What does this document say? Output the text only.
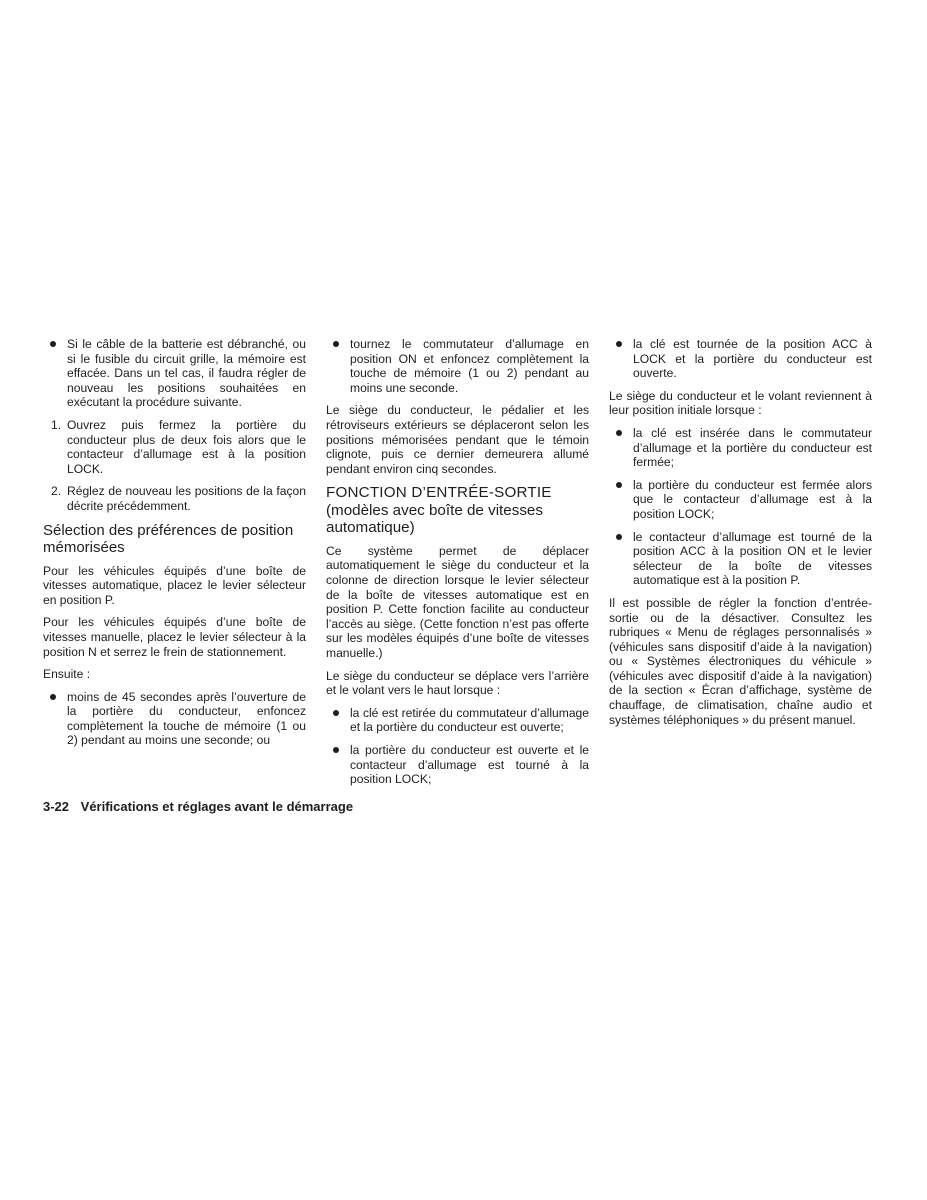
Si le câble de la batterie est débranché, ou si le fusible du circuit grille, la mémoire est effacée. Dans un tel cas, il faudra régler de nouveau les positions souhaitées en exécutant la procédure suivante.
1. Ouvrez puis fermez la portière du conducteur plus de deux fois alors que le contacteur d’allumage est à la position LOCK.
2. Réglez de nouveau les positions de la façon décrite précédemment.
Sélection des préférences de position mémorisées

Pour les véhicules équipés d’une boîte de vitesses automatique, placez le levier sélecteur en position P.

Pour les véhicules équipés d’une boîte de vitesses manuelle, placez le levier sélecteur à la position N et serrez le frein de stationnement.

Ensuite :

moins de 45 secondes après l’ouverture de la portière du conducteur, enfoncez complètement la touche de mémoire (1 ou 2) pendant au moins une seconde; ou
tournez le commutateur d’allumage en position ON et enfoncez complètement la touche de mémoire (1 ou 2) pendant au moins une seconde.

Le siège du conducteur, le pédalier et les rétroviseurs extérieurs se déplaceront selon les positions mémorisées pendant que le témoin clignote, puis ce dernier demeurera allumé pendant environ cinq secondes.

FONCTION D’ENTRÉE-SORTIE
(modèles avec boîte de vitesses automatique)

Ce système permet de déplacer automatiquement le siège du conducteur et la colonne de direction lorsque le levier sélecteur de la boîte de vitesses automatique est en position P. Cette fonction facilite au conducteur l’accès au siège. (Cette fonction n’est pas offerte sur les modèles équipés d’une boîte de vitesses manuelle.)

Le siège du conducteur se déplace vers l’arrière et le volant vers le haut lorsque :

la clé est retirée du commutateur d’allumage et la portière du conducteur est ouverte;
la portière du conducteur est ouverte et le contacteur d’allumage est tourné à la position LOCK;
la clé est tournée de la position ACC à LOCK et la portière du conducteur est ouverte.

Le siège du conducteur et le volant reviennent à leur position initiale lorsque :

la clé est insérée dans le commutateur d’allumage et la portière du conducteur est fermée;
la portière du conducteur est fermée alors que le contacteur d’allumage est à la position LOCK;
le contacteur d’allumage est tourné de la position ACC à la position ON et le levier sélecteur de la boîte de vitesses automatique est à la position P.

Il est possible de régler la fonction d’entrée-sortie ou de la désactiver. Consultez les rubriques « Menu de réglages personnalisés » (véhicules sans dispositif d’aide à la navigation) ou « Systèmes électroniques du véhicule » (véhicules avec dispositif d’aide à la navigation) de la section « Écran d’affichage, système de chauffage, de climatisation, chaîne audio et systèmes téléphoniques » du présent manuel.

3-22 Vérifications et réglages avant le démarrage
